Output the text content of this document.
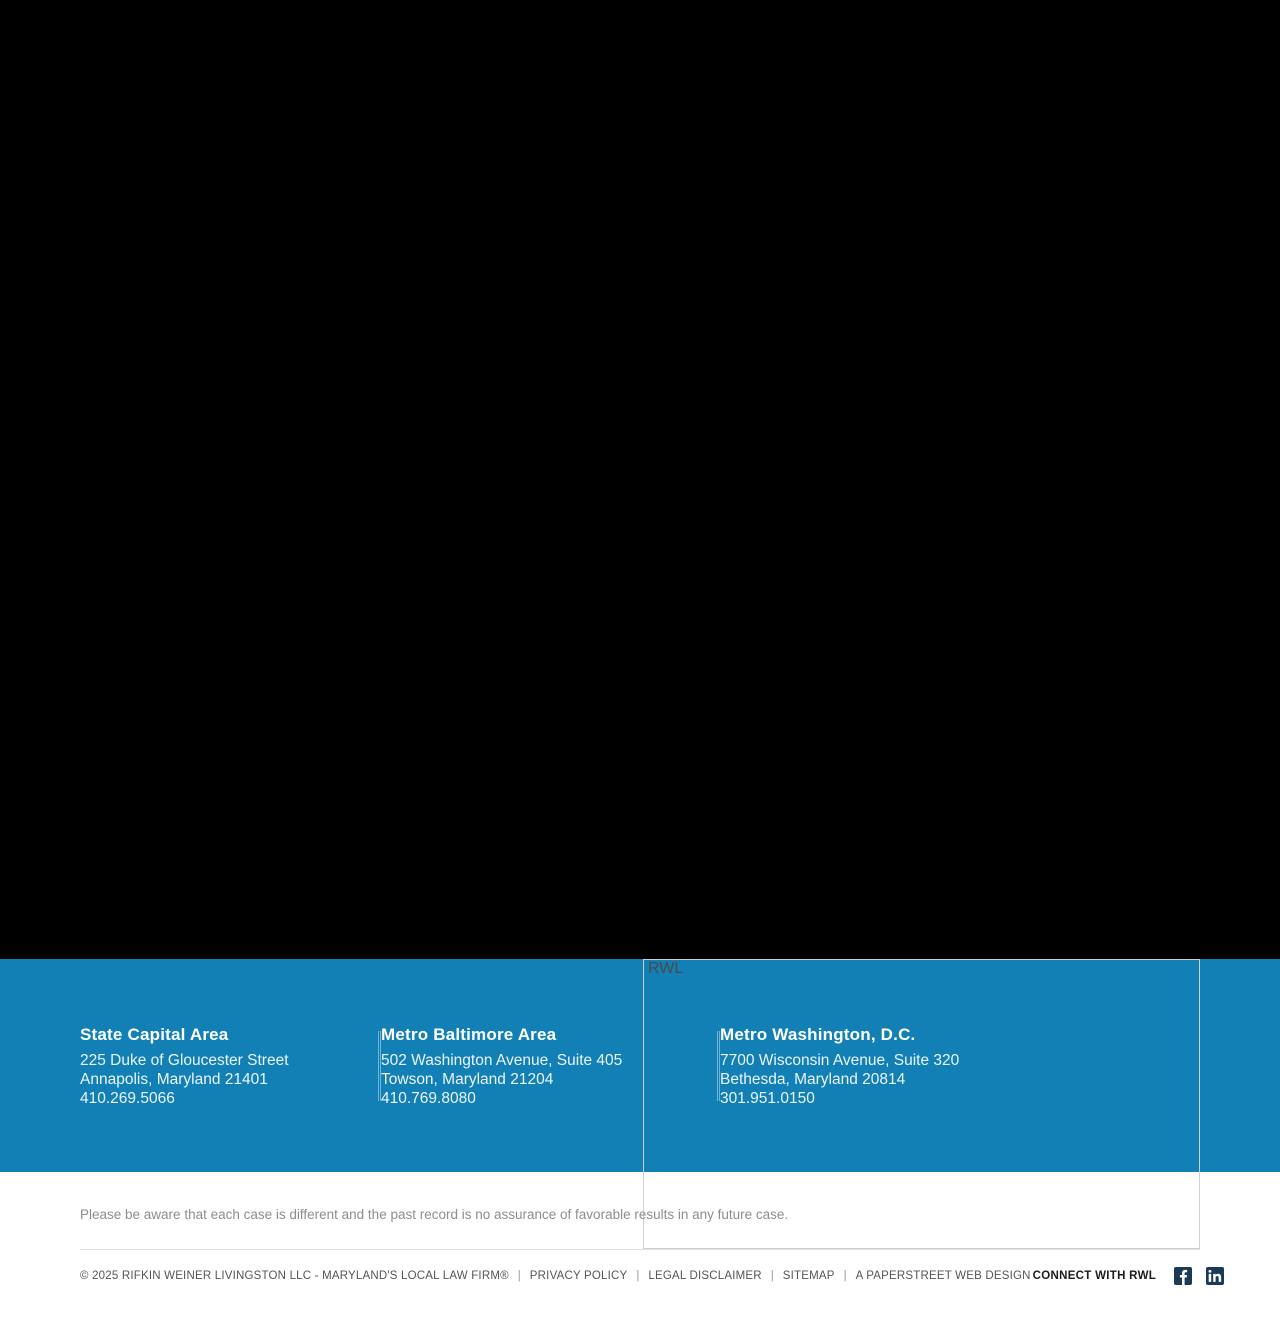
State Capital Area
225 Duke of Gloucester Street
Annapolis, Maryland 21401
410.269.5066
Metro Baltimore Area
502 Washington Avenue, Suite 405
Towson, Maryland 21204
410.769.8080
Metro Washington, D.C.
7700 Wisconsin Avenue, Suite 320
Bethesda, Maryland 20814
301.951.0150
RWL
Please be aware that each case is different and the past record is no assurance of favorable results in any future case.
© 2025 RIFKIN WEINER LIVINGSTON LLC - MARYLAND'S LOCAL LAW FIRM® | PRIVACY POLICY | LEGAL DISCLAIMER | SITEMAP | A PAPERSTREET WEB DESIGN CONNECT WITH RWL
